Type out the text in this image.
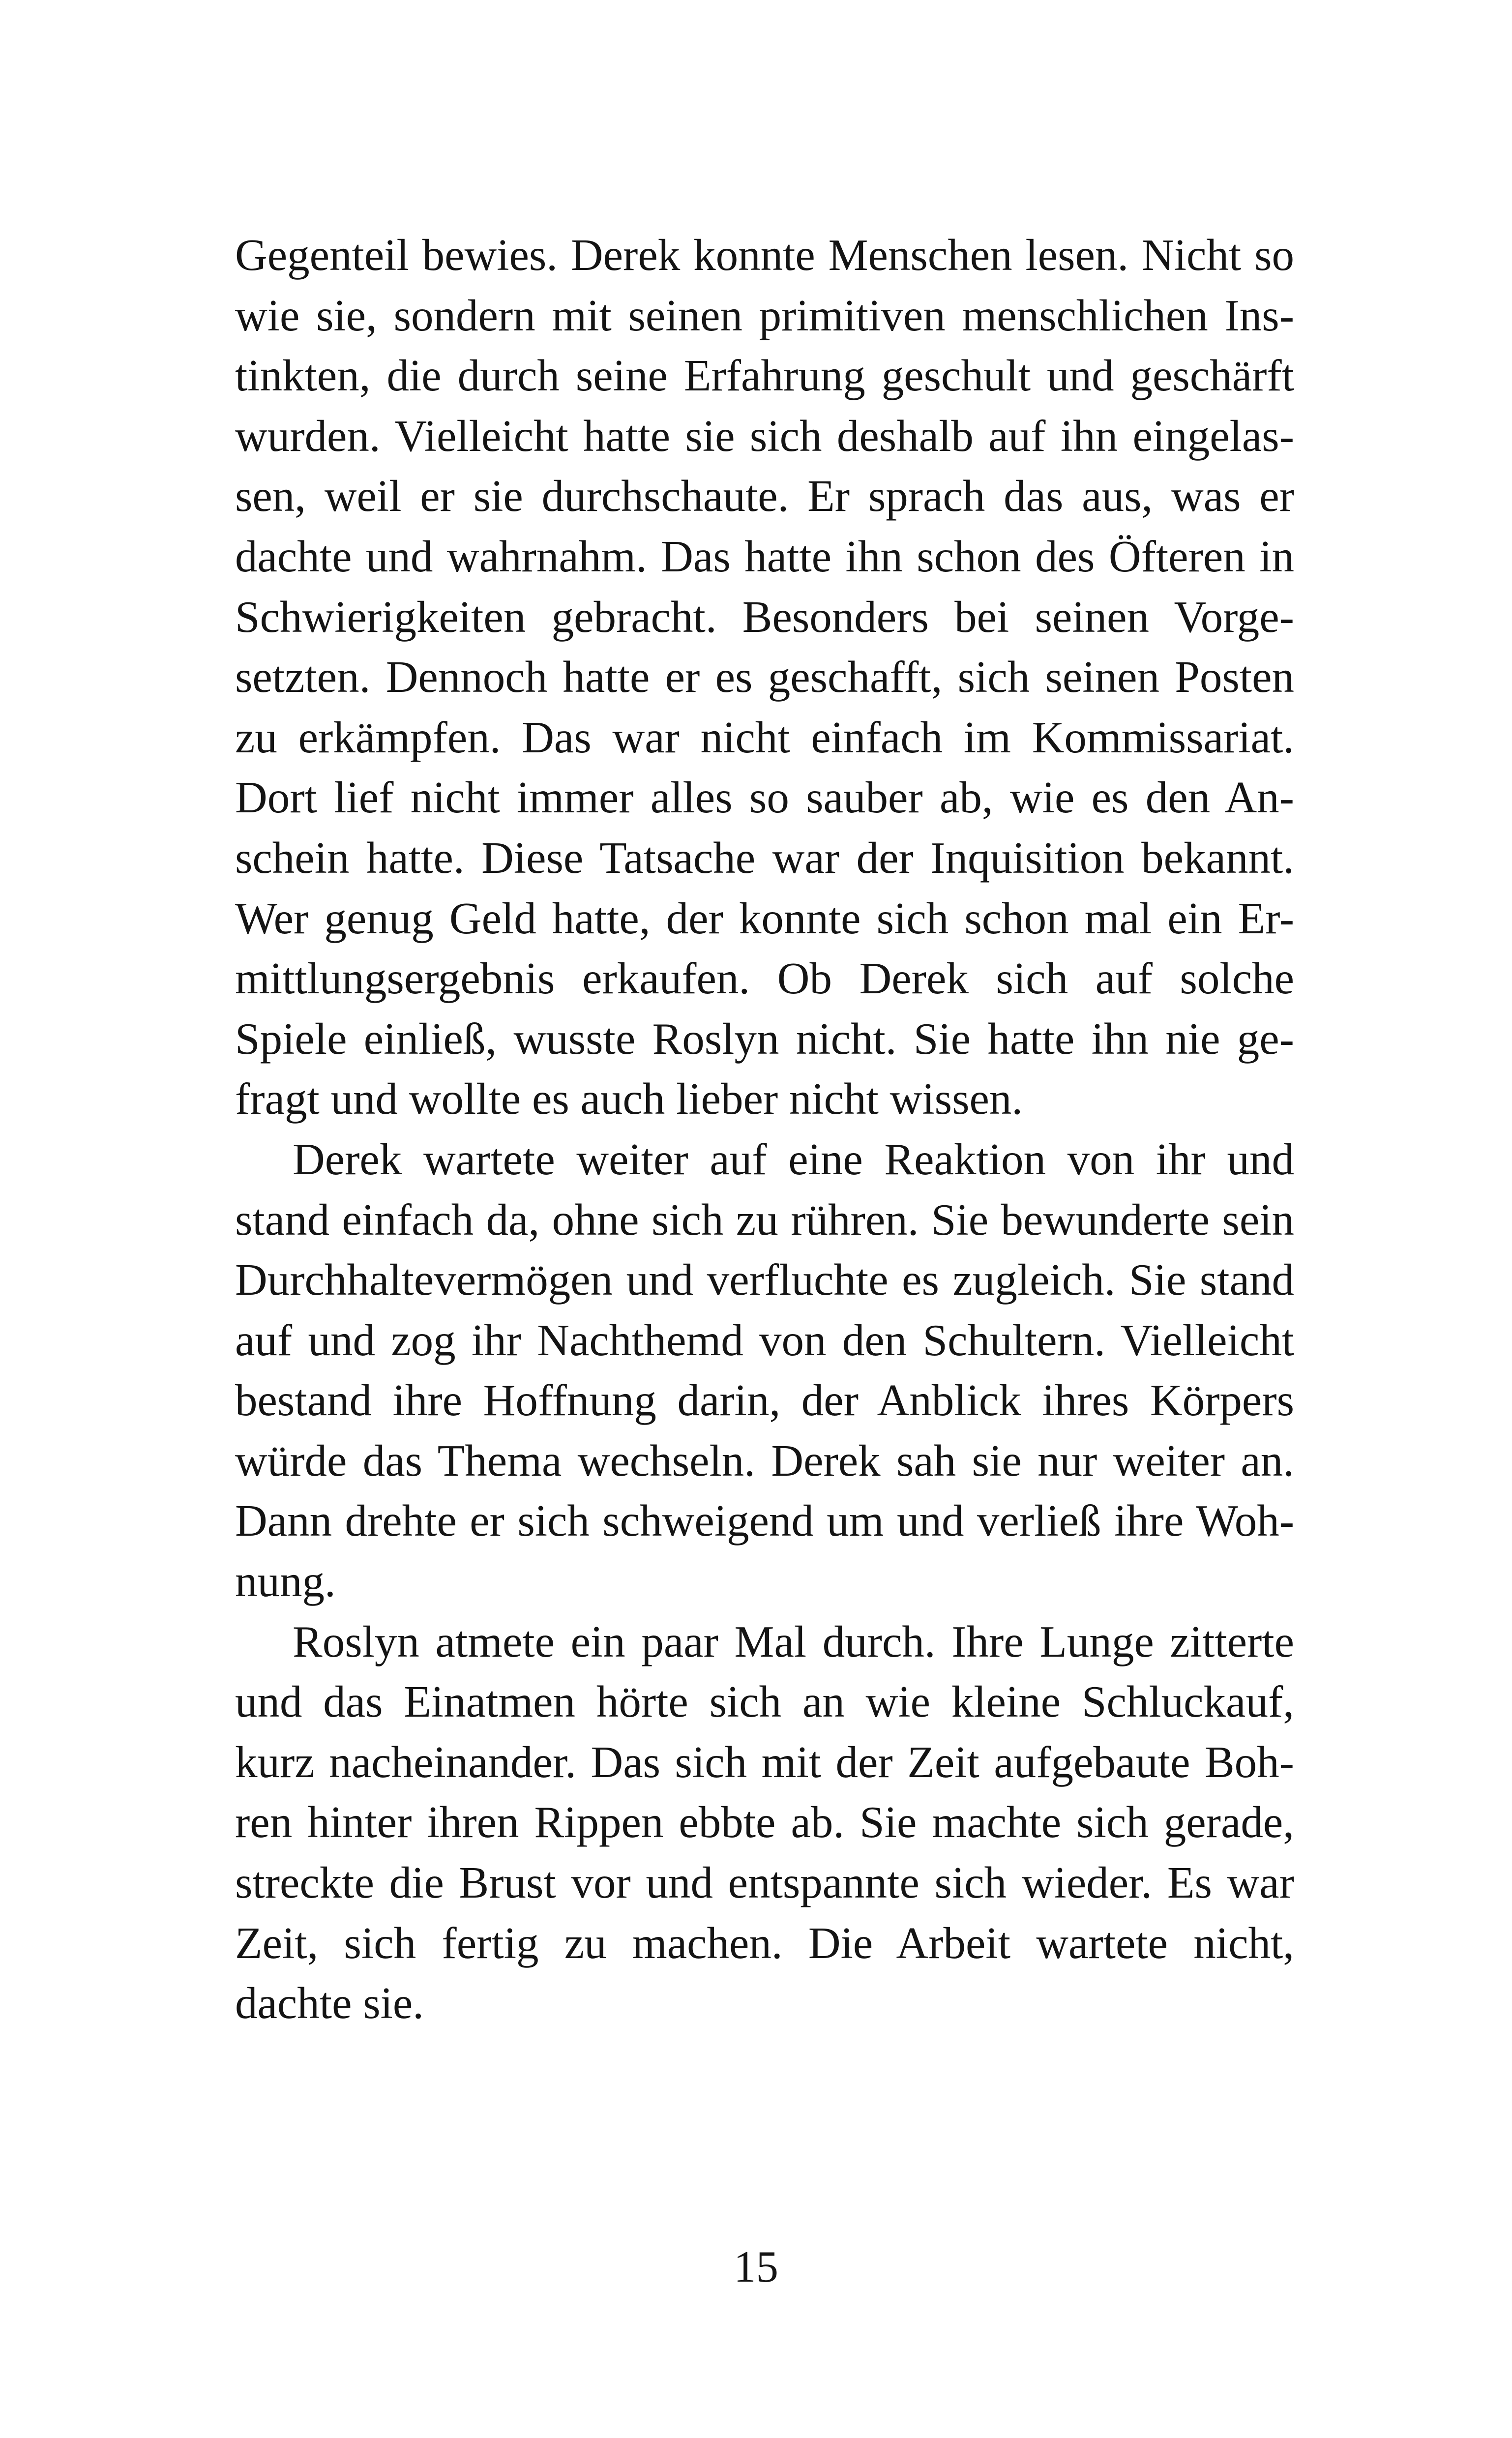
Gegenteil bewies. Derek konnte Menschen lesen. Nicht so
wie sie, sondern mit seinen primitiven menschlichen Ins-
tinkten, die durch seine Erfahrung geschult und geschärft
wurden. Vielleicht hatte sie sich deshalb auf ihn eingelas-
sen, weil er sie durchschaute. Er sprach das aus, was er
dachte und wahrnahm. Das hatte ihn schon des Öfteren in
Schwierigkeiten gebracht. Besonders bei seinen Vorge-
setzten. Dennoch hatte er es geschafft, sich seinen Posten
zu erkämpfen. Das war nicht einfach im Kommissariat.
Dort lief nicht immer alles so sauber ab, wie es den An-
schein hatte. Diese Tatsache war der Inquisition bekannt.
Wer genug Geld hatte, der konnte sich schon mal ein Er-
mittlungsergebnis erkaufen. Ob Derek sich auf solche
Spiele einließ, wusste Roslyn nicht. Sie hatte ihn nie ge-
fragt und wollte es auch lieber nicht wissen.
Derek wartete weiter auf eine Reaktion von ihr und
stand einfach da, ohne sich zu rühren. Sie bewunderte sein
Durchhaltevermögen und verfluchte es zugleich. Sie stand
auf und zog ihr Nachthemd von den Schultern. Vielleicht
bestand ihre Hoffnung darin, der Anblick ihres Körpers
würde das Thema wechseln. Derek sah sie nur weiter an.
Dann drehte er sich schweigend um und verließ ihre Woh-
nung.
Roslyn atmete ein paar Mal durch. Ihre Lunge zitterte
und das Einatmen hörte sich an wie kleine Schluckauf,
kurz nacheinander. Das sich mit der Zeit aufgebaute Boh-
ren hinter ihren Rippen ebbte ab. Sie machte sich gerade,
streckte die Brust vor und entspannte sich wieder. Es war
Zeit, sich fertig zu machen. Die Arbeit wartete nicht,
dachte sie.
15
